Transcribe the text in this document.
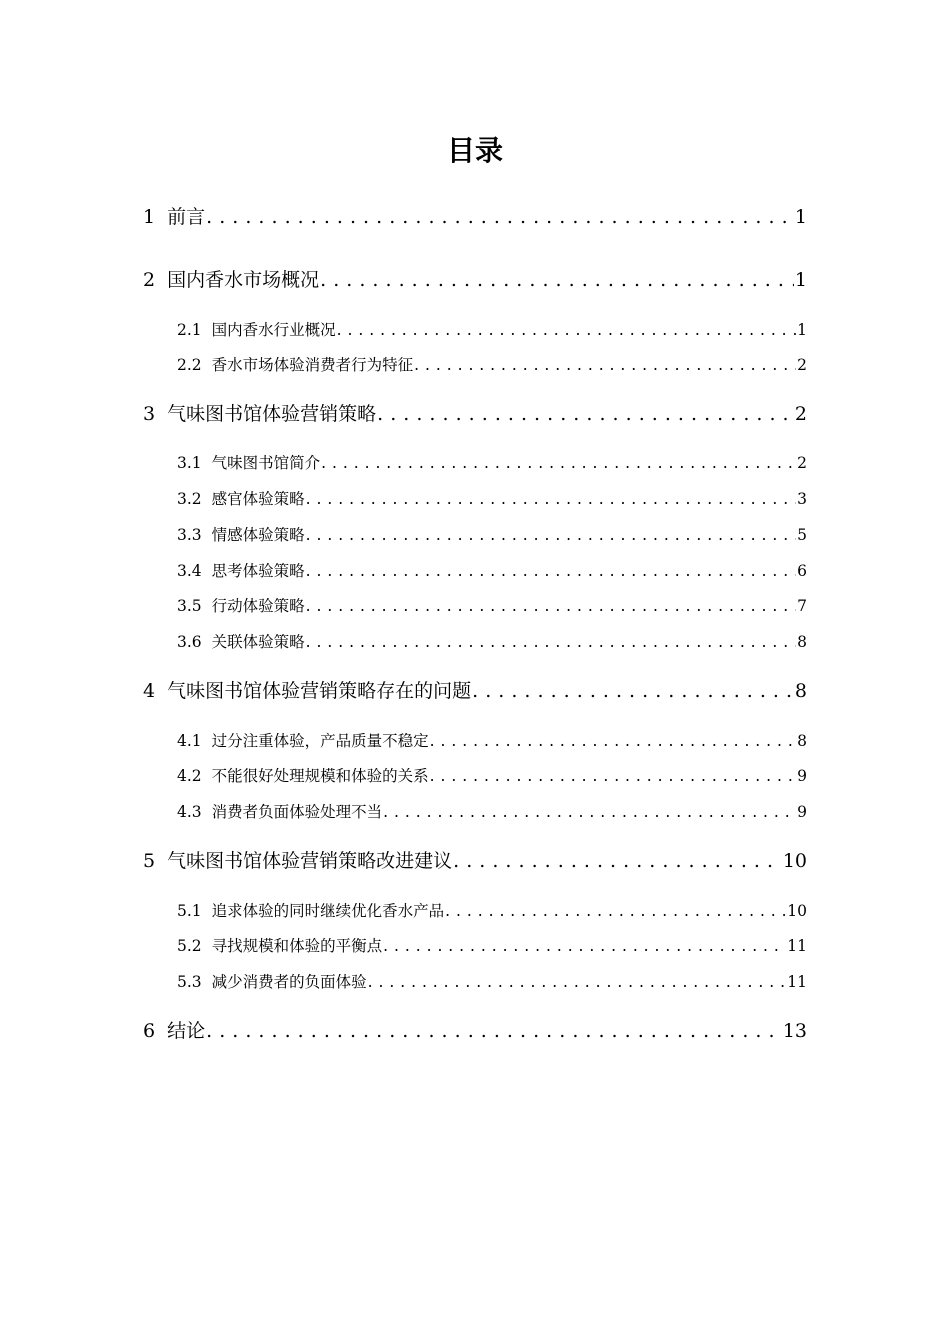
目录
1 前言 . . .	1
2 国内香水市场概况 . . .	1
2.1 国内香水行业概况 . . .	1
2.2 香水市场体验消费者行为特征 . . .	2
3 气味图书馆体验营销策略 . . .	2
3.1 气味图书馆简介 . . .	2
3.2 感官体验策略 . . .	3
3.3 情感体验策略 . . .	5
3.4 思考体验策略 . . .	6
3.5 行动体验策略 . . .	7
3.6 关联体验策略 . . .	8
4 气味图书馆体验营销策略存在的问题 . . .	8
4.1 过分注重体验，产品质量不稳定 . . .	8
4.2 不能很好处理规模和体验的关系 . . .	9
4.3 消费者负面体验处理不当 . . .	9
5 气味图书馆体验营销策略改进建议 . . .	10
5.1 追求体验的同时继续优化香水产品 . . .	10
5.2 寻找规模和体验的平衡点 . . .	11
5.3 减少消费者的负面体验 . . .	11
6 结论 . . .	13
